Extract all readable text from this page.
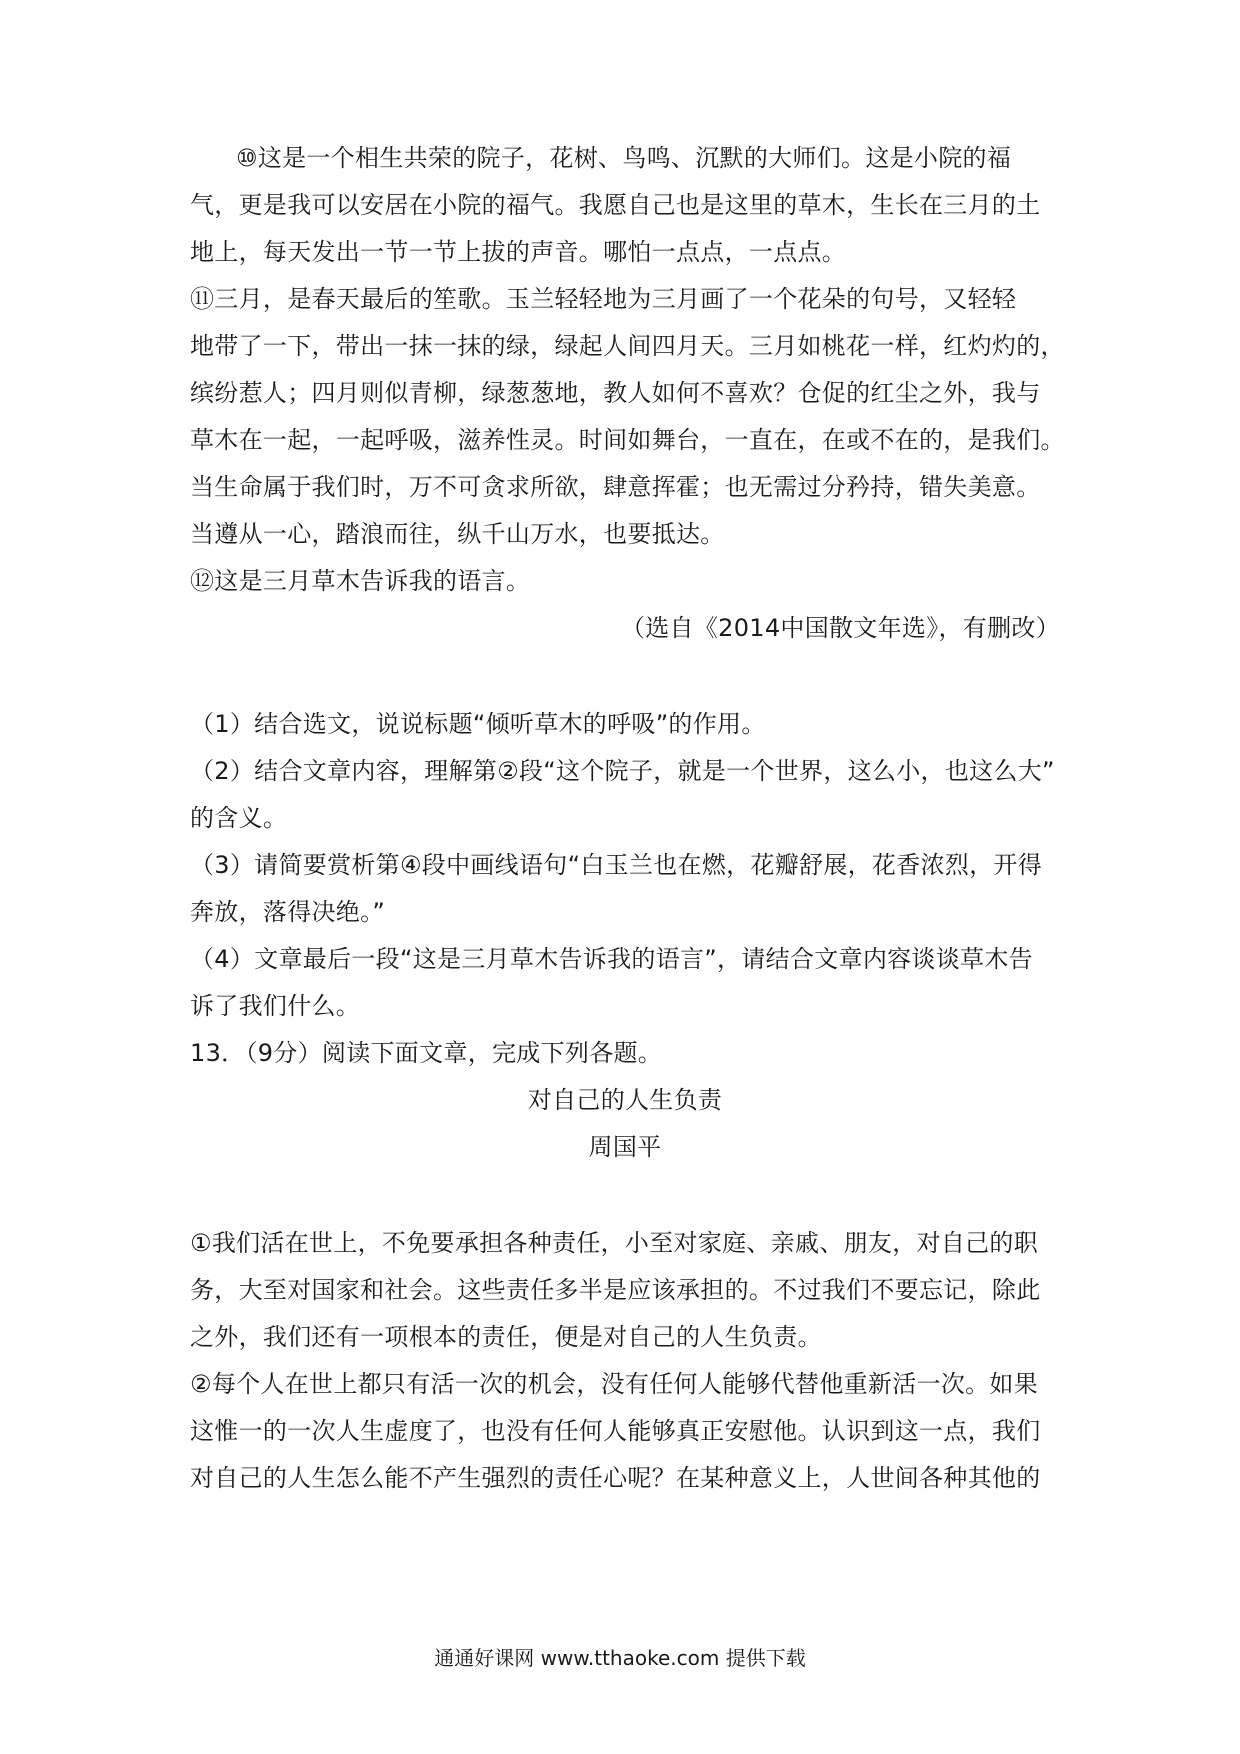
⑩这是一个相生共荣的院子，花树、鸟鸣、沉默的大师们。这是小院的福
气，更是我可以安居在小院的福气。我愿自己也是这里的草木，生长在三月的土
地上，每天发出一节一节上拔的声音。哪怕一点点，一点点。
⑪三月，是春天最后的笙歌。玉兰轻轻地为三月画了一个花朵的句号，又轻轻
地带了一下，带出一抹一抹的绿，绿起人间四月天。三月如桃花一样，红灼灼的，
缤纷惹人；四月则似青柳，绿葱葱地，教人如何不喜欢？仓促的红尘之外，我与
草木在一起，一起呼吸，滋养性灵。时间如舞台，一直在，在或不在的，是我们。
当生命属于我们时，万不可贪求所欲，肆意挥霍；也无需过分矜持，错失美意。
当遵从一心，踏浪而往，纵千山万水，也要抵达。
⑫这是三月草木告诉我的语言。
（选自《2014中国散文年选》，有删改）
（1）结合选文，说说标题“倾听草木的呼吸”的作用。
（2）结合文章内容，理解第②段“这个院子，就是一个世界，这么小，也这么大”
的含义。
（3）请简要赏析第④段中画线语句“白玉兰也在燃，花瓣舒展，花香浓烈，开得
奔放，落得决绝。”
（4）文章最后一段“这是三月草木告诉我的语言”，请结合文章内容谈谈草木告
诉了我们什么。
13．（9分）阅读下面文章，完成下列各题。
对自己的人生负责
周国平
①我们活在世上，不免要承担各种责任，小至对家庭、亲戚、朋友，对自己的职
务，大至对国家和社会。这些责任多半是应该承担的。不过我们不要忘记，除此
之外，我们还有一项根本的责任，便是对自己的人生负责。
②每个人在世上都只有活一次的机会，没有任何人能够代替他重新活一次。如果
这惟一的一次人生虚度了，也没有任何人能够真正安慰他。认识到这一点，我们
对自己的人生怎么能不产生强烈的责任心呢？在某种意义上，人世间各种其他的
通通好课网 www.tthaoke.com 提供下载
